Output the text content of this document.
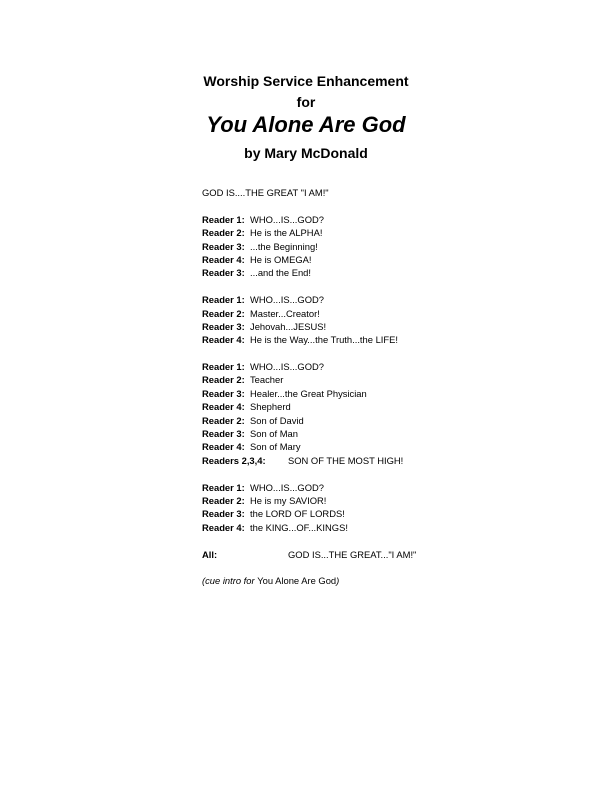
Worship Service Enhancement
for
You Alone Are God
by Mary McDonald
GOD IS....THE GREAT "I AM!"
Reader 1: WHO...IS...GOD?
Reader 2: He is the ALPHA!
Reader 3: ...the Beginning!
Reader 4: He is OMEGA!
Reader 3: ...and the End!
Reader 1: WHO...IS...GOD?
Reader 2: Master...Creator!
Reader 3: Jehovah...JESUS!
Reader 4: He is the Way...the Truth...the LIFE!
Reader 1: WHO...IS...GOD?
Reader 2: Teacher
Reader 3: Healer...the Great Physician
Reader 4: Shepherd
Reader 2: Son of David
Reader 3: Son of Man
Reader 4: Son of Mary
Readers 2,3,4: SON OF THE MOST HIGH!
Reader 1: WHO...IS...GOD?
Reader 2: He is my SAVIOR!
Reader 3: the LORD OF LORDS!
Reader 4: the KING...OF...KINGS!
All:	GOD IS...THE GREAT..."I AM!"
(cue intro for You Alone Are God)
